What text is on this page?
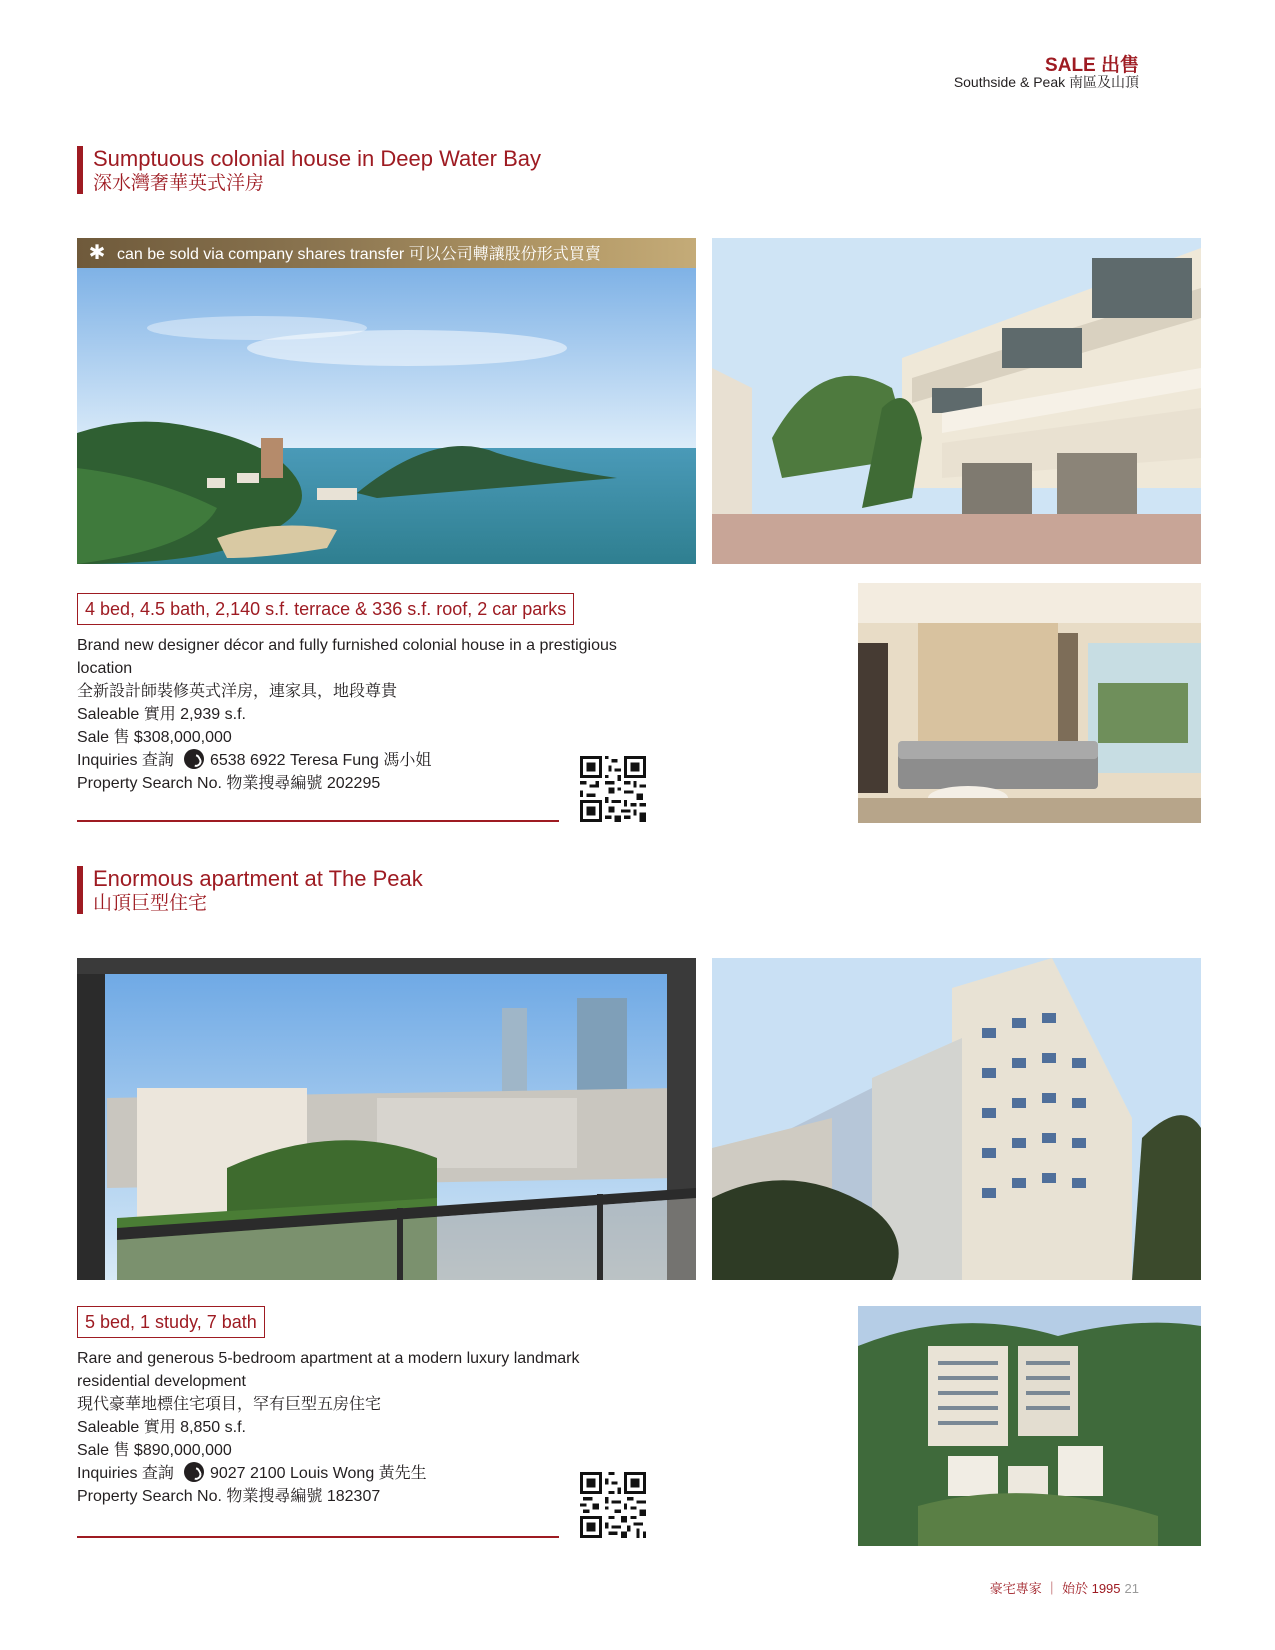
SALE 出售
Southside & Peak 南區及山頂
Sumptuous colonial house in Deep Water Bay
深水灣奢華英式洋房
✱ can be sold via company shares transfer 可以公司轉讓股份形式買賣
4 bed, 4.5 bath, 2,140 s.f. terrace & 336 s.f. roof, 2 car parks
Brand new designer décor and fully furnished colonial house in a prestigious location
全新設計師裝修英式洋房，連家具，地段尊貴
Saleable 實用 2,939 s.f.
Sale 售 $308,000,000
Inquiries 查詢 6538 6922 Teresa Fung 馮小姐
Property Search No. 物業搜尋編號 202295
Enormous apartment at The Peak
山頂巨型住宅
5 bed, 1 study, 7 bath
Rare and generous 5-bedroom apartment at a modern luxury landmark residential development
現代豪華地標住宅項目，罕有巨型五房住宅
Saleable 實用 8,850 s.f.
Sale 售 $890,000,000
Inquiries 查詢 9027 2100 Louis Wong 黃先生
Property Search No. 物業搜尋編號 182307
豪宅專家 ｜ 始於 1995 21
